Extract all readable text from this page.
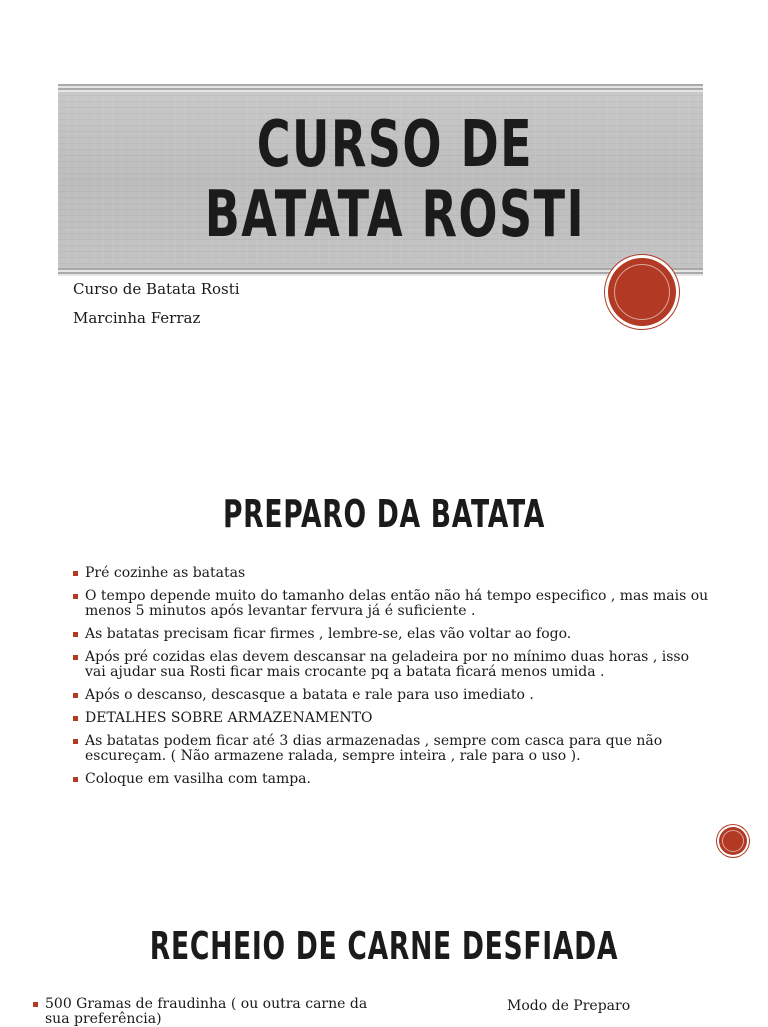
CURSO DE BATATA ROSTI
Curso de Batata Rosti
Marcinha Ferraz
PREPARO DA BATATA
Pré cozinhe as batatas
O tempo depende muito do tamanho delas então não há tempo especifico , mas mais ou menos 5 minutos após levantar fervura já é suficiente .
As batatas precisam ficar firmes , lembre-se, elas vão voltar ao fogo.
Após pré cozidas elas devem descansar na geladeira por no mínimo duas horas , isso vai ajudar sua Rosti ficar mais crocante pq a batata ficará menos umida .
Após o descanso, descasque a batata e rale para uso imediato .
DETALHES SOBRE ARMAZENAMENTO
As batatas podem ficar até 3 dias armazenadas , sempre com casca para que não escureçam. ( Não armazene ralada, sempre inteira , rale para o uso ).
Coloque em vasilha com tampa.
RECHEIO DE CARNE DESFIADA
500 Gramas de fraudinha ( ou outra carne da sua preferência)
Modo de Preparo
